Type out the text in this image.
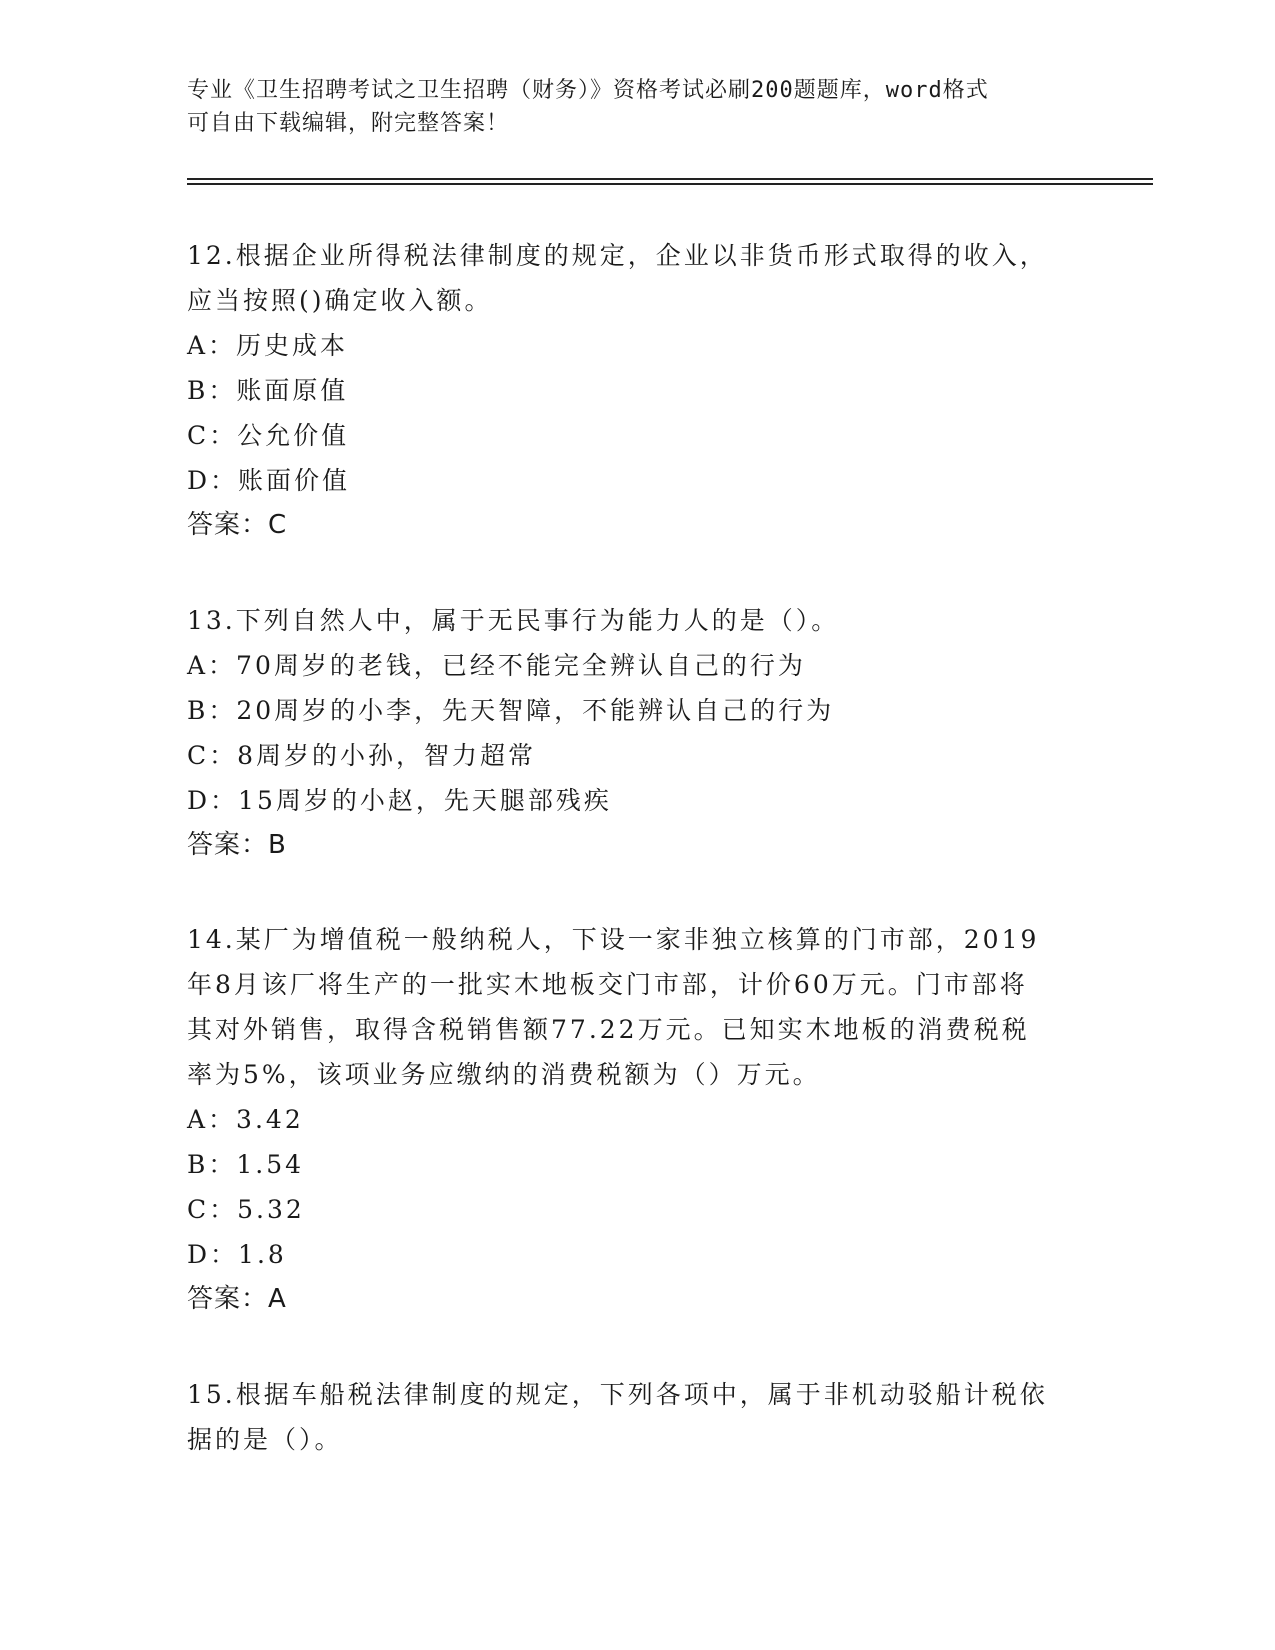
专业《卫生招聘考试之卫生招聘（财务）》资格考试必刷200题题库，word格式
可自由下载编辑，附完整答案！
12.根据企业所得税法律制度的规定，企业以非货币形式取得的收入，
应当按照()确定收入额。
A：历史成本
B：账面原值
C：公允价值
D：账面价值
答案：C
13.下列自然人中，属于无民事行为能力人的是（）。
A：70周岁的老钱，已经不能完全辨认自己的行为
B：20周岁的小李，先天智障，不能辨认自己的行为
C：8周岁的小孙，智力超常
D：15周岁的小赵，先天腿部残疾
答案：B
14.某厂为增值税一般纳税人，下设一家非独立核算的门市部，2019
年8月该厂将生产的一批实木地板交门市部，计价60万元。门市部将
其对外销售，取得含税销售额77.22万元。已知实木地板的消费税税
率为5%，该项业务应缴纳的消费税额为（）万元。
A：3.42
B：1.54
C：5.32
D：1.8
答案：A
15.根据车船税法律制度的规定，下列各项中，属于非机动驳船计税依
据的是（）。
